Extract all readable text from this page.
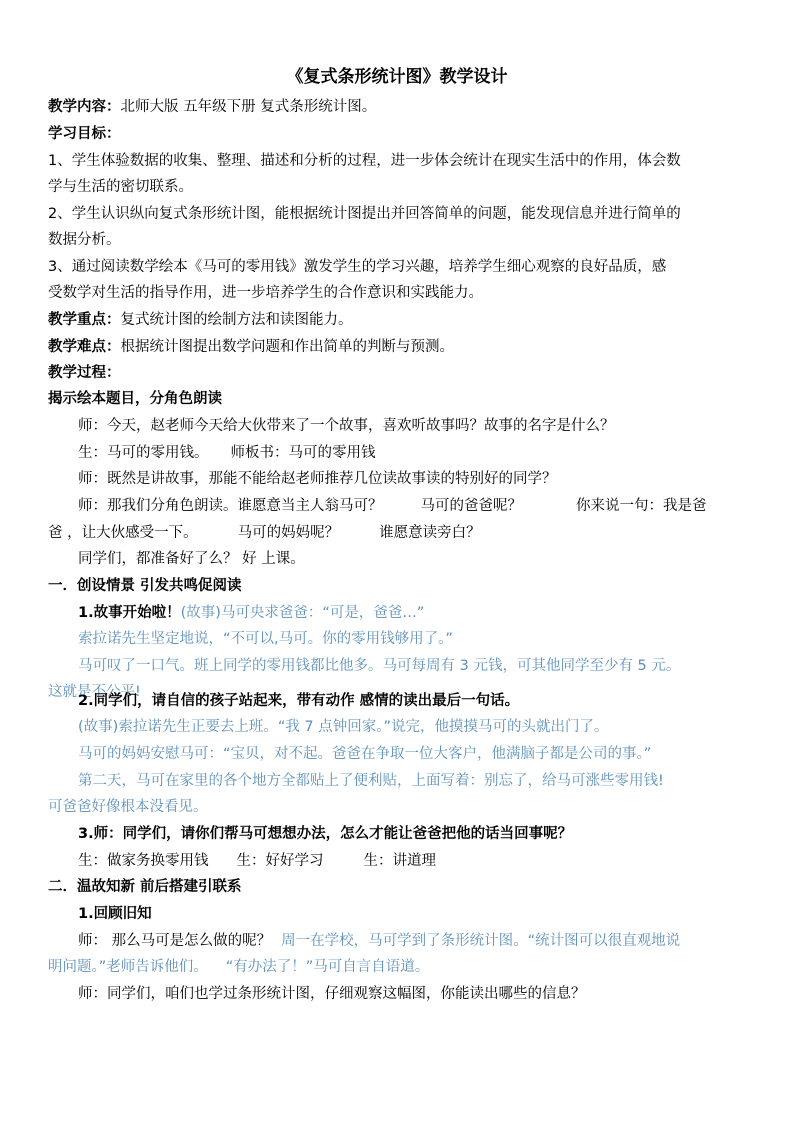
《复式条形统计图》教学设计
教学内容：北师大版 五年级下册 复式条形统计图。
学习目标：
1、学生体验数据的收集、整理、描述和分析的过程，进一步体会统计在现实生活中的作用，体会数
学与生活的密切联系。
2、学生认识纵向复式条形统计图，能根据统计图提出并回答简单的问题，能发现信息并进行简单的
数据分析。
3、通过阅读数学绘本《马可的零用钱》激发学生的学习兴趣，培养学生细心观察的良好品质，感
受数学对生活的指导作用，进一步培养学生的合作意识和实践能力。
教学重点：复式统计图的绘制方法和读图能力。
教学难点：根据统计图提出数学问题和作出简单的判断与预测。
教学过程：
揭示绘本题目，分角色朗读
师：今天，赵老师今天给大伙带来了一个故事，喜欢听故事吗？故事的名字是什么？
生：马可的零用钱。 师板书：马可的零用钱
师：既然是讲故事，那能不能给赵老师推荐几位读故事读的特别好的同学？
师：那我们分角色朗读。谁愿意当主人翁马可？	马可的爸爸呢？	你来说一句：我是爸
爸 ，让大伙感受一下。	马可的妈妈呢？	谁愿意读旁白？
同学们，都准备好了么？ 好 上课。
一．创设情景 引发共鸣促阅读
1.故事开始啦！(故事)马可央求爸爸：“可是，爸爸…”
索拉诺先生坚定地说，“不可以,马可。你的零用钱够用了。”
马可叹了一口气。班上同学的零用钱都比他多。马可每周有 3 元钱，可其他同学至少有 5 元。
这就是不公平!
2.同学们，请自信的孩子站起来，带有动作 感情的读出最后一句话。
(故事)索拉诺先生正要去上班。“我 7 点钟回家。”说完，他摸摸马可的头就出门了。
马可的妈妈安慰马可：“宝贝，对不起。爸爸在争取一位大客户，他满脑子都是公司的事。”
第二天，马可在家里的各个地方全都贴上了便利贴，上面写着：别忘了，给马可涨些零用钱!
可爸爸好像根本没看见。
3.师：同学们，请你们帮马可想想办法，怎么才能让爸爸把他的话当回事呢？
生：做家务换零用钱 生：好好学习	生：讲道理
二．温故知新 前后搭建引联系
1.回顾旧知
师： 那么马可是怎么做的呢？ 周一在学校，马可学到了条形统计图。“统计图可以很直观地说
明问题。”老师告诉他们。 “有办法了！”马可自言自语道。
师：同学们，咱们也学过条形统计图，仔细观察这幅图，你能读出哪些的信息？
